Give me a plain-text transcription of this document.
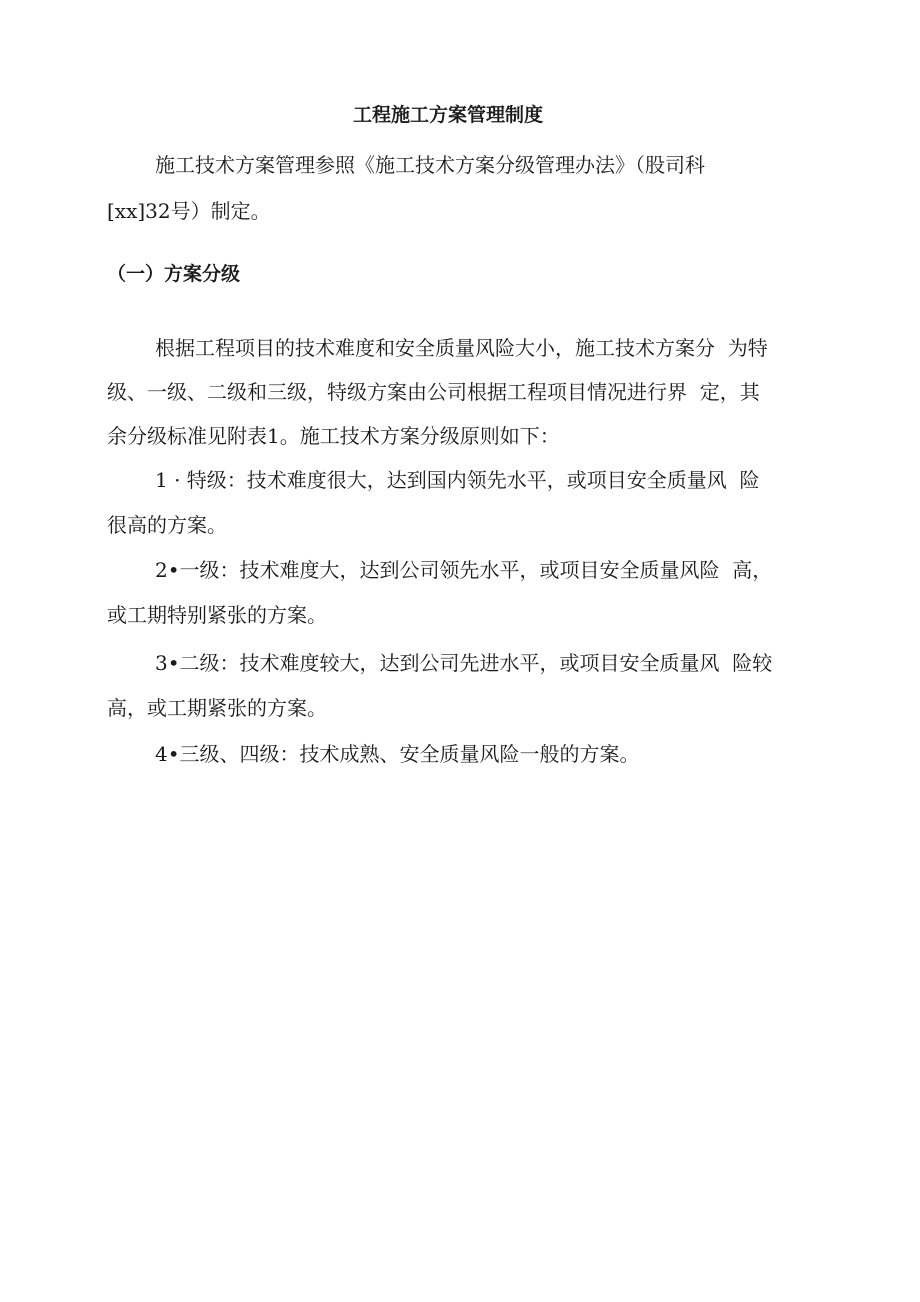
工程施工方案管理制度
施工技术方案管理参照《施工技术方案分级管理办法》（股司科
[xx]32号）制定。
（一）方案分级
根据工程项目的技术难度和安全质量风险大小，施工技术方案分  为特
级、一级、二级和三级，特级方案由公司根据工程项目情况进行界  定，其
余分级标准见附表1。施工技术方案分级原则如下：
1 · 特级：技术难度很大，达到国内领先水平，或项目安全质量风  险
很高的方案。
2•一级：技术难度大，达到公司领先水平，或项目安全质量风险  高，
或工期特别紧张的方案。
3•二级：技术难度较大，达到公司先进水平，或项目安全质量风  险较
高，或工期紧张的方案。
4•三级、四级：技术成熟、安全质量风险一般的方案。
